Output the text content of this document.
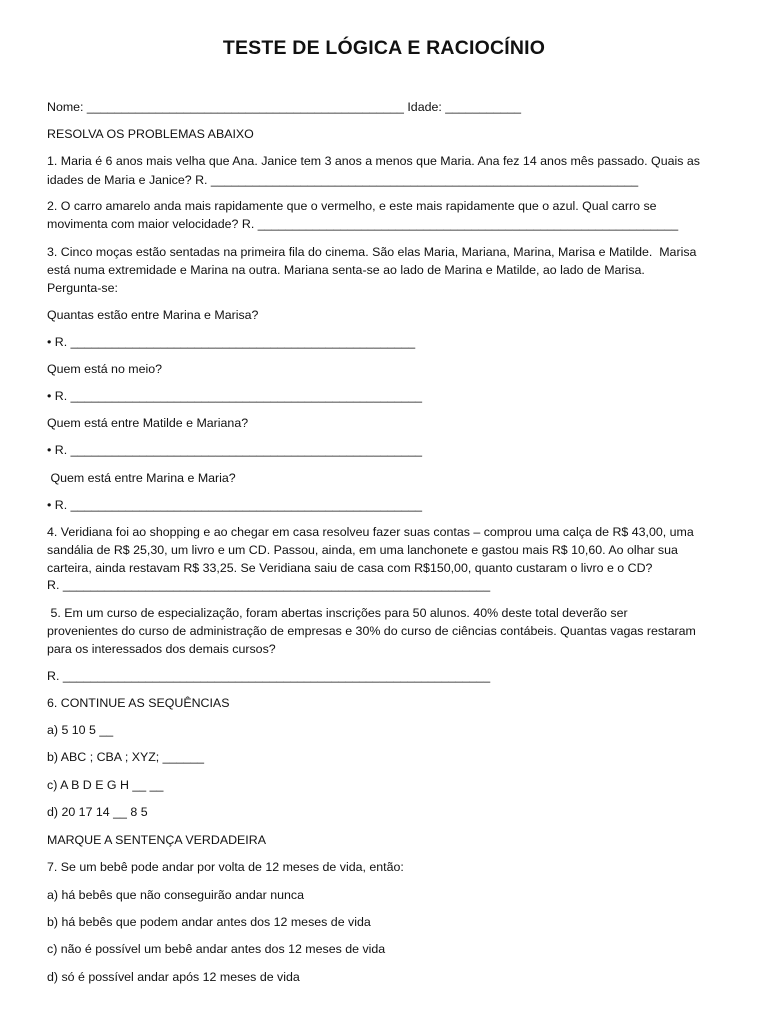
TESTE DE LÓGICA E RACIOCÍNIO
Nome: ______________________________________________ Idade: ___________
RESOLVA OS PROBLEMAS ABAIXO
1. Maria é 6 anos mais velha que Ana. Janice tem 3 anos a menos que Maria. Ana fez 14 anos mês passado. Quais as
idades de Maria e Janice? R. ______________________________________________________________
2. O carro amarelo anda mais rapidamente que o vermelho, e este mais rapidamente que o azul. Qual carro se
movimenta com maior velocidade? R. _____________________________________________________________
3. Cinco moças estão sentadas na primeira fila do cinema. São elas Maria, Mariana, Marina, Marisa e Matilde.  Marisa
está numa extremidade e Marina na outra. Mariana senta-se ao lado de Marina e Matilde, ao lado de Marisa.
Pergunta-se:
Quantas estão entre Marina e Marisa?
• R. __________________________________________________
Quem está no meio?
• R. ___________________________________________________
Quem está entre Matilde e Mariana?
• R. ___________________________________________________
Quem está entre Marina e Maria?
• R. ___________________________________________________
4. Veridiana foi ao shopping e ao chegar em casa resolveu fazer suas contas – comprou uma calça de R$ 43,00, uma
sandália de R$ 25,30, um livro e um CD. Passou, ainda, em uma lanchonete e gastou mais R$ 10,60. Ao olhar sua
carteira, ainda restavam R$ 33,25. Se Veridiana saiu de casa com R$150,00, quanto custaram o livro e o CD?
R. ______________________________________________________________
5. Em um curso de especialização, foram abertas inscrições para 50 alunos. 40% deste total deverão ser
provenientes do curso de administração de empresas e 30% do curso de ciências contábeis. Quantas vagas restaram
para os interessados dos demais cursos?
R. ______________________________________________________________
6. CONTINUE AS SEQUÊNCIAS
a) 5 10 5 __
b) ABC ; CBA ; XYZ; ______
c) A B D E G H __ __
d) 20 17 14 __ 8 5
MARQUE A SENTENÇA VERDADEIRA
7. Se um bebê pode andar por volta de 12 meses de vida, então:
a) há bebês que não conseguirão andar nunca
b) há bebês que podem andar antes dos 12 meses de vida
c) não é possível um bebê andar antes dos 12 meses de vida
d) só é possível andar após 12 meses de vida
